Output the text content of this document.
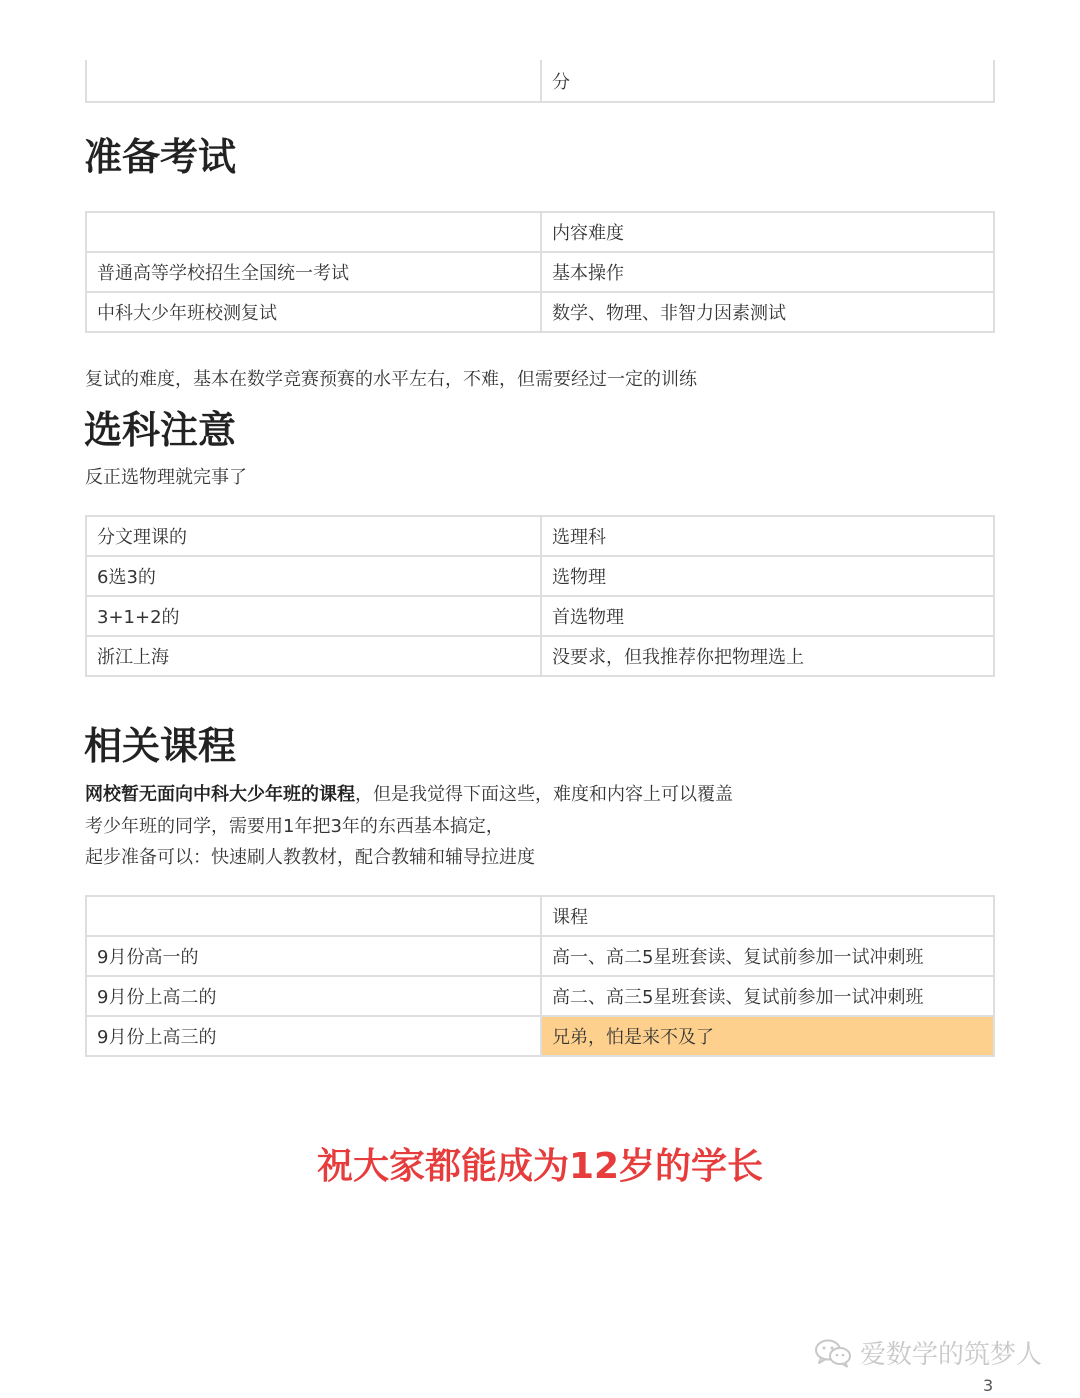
	分
准备考试
	内容难度
普通高等学校招生全国统一考试	基本操作
中科大少年班校测复试	数学、物理、非智力因素测试

复试的难度，基本在数学竞赛预赛的水平左右，不难，但需要经过一定的训练

选科注意

反正选物理就完事了

分文理课的	选理科
6选3的	选物理
3+1+2的	首选物理
浙江上海	没要求，但我推荐你把物理选上
相关课程

网校暂无面向中科大少年班的课程，但是我觉得下面这些，难度和内容上可以覆盖

考少年班的同学，需要用1年把3年的东西基本搞定，

起步准备可以：快速刷人教教材，配合教辅和辅导拉进度

	课程
9月份高一的	高一、高二5星班套读、复试前参加一试冲刺班
9月份上高二的	高二、高三5星班套读、复试前参加一试冲刺班
9月份上高三的	兄弟，怕是来不及了

祝大家都能成为12岁的学长

爱数学的筑梦人
3
